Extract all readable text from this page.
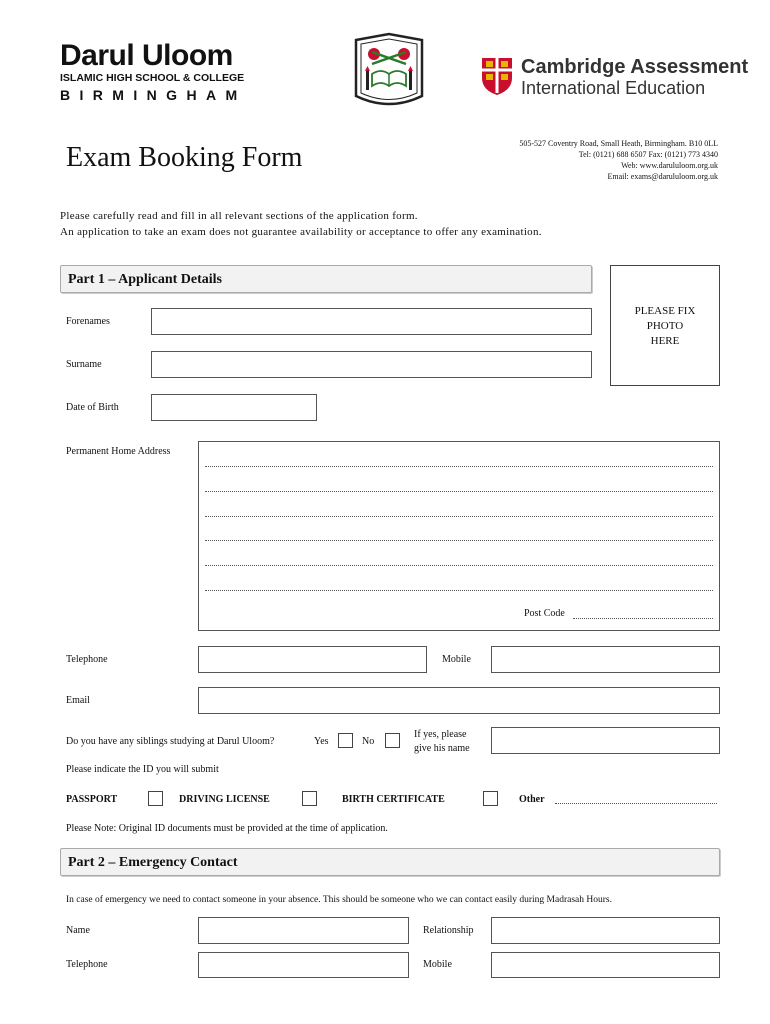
Darul Uloom
ISLAMIC HIGH SCHOOL & COLLEGE
BIRMINGHAM
Cambridge Assessment
International Education
Exam Booking Form	505-527 Coventry Road, Small Heath, Birmingham. B10 0LL
Tel: (0121) 688 6507 Fax: (0121) 773 4340
Web: www.darululoom.org.uk
Email: exams@darululoom.org.uk
Please carefully read and fill in all relevant sections of the application form.
An application to take an exam does not guarantee availability or acceptance to offer any examination.
Part 1 – Applicant Details
PLEASE FIX
PHOTO
HERE
Forenames
Surname
Date of Birth
Permanent Home Address
Post Code
Telephone	Mobile
Email
Do you have any siblings studying at Darul Uloom?	Yes	No
If yes, please
give his name
Please indicate the ID you will submit
PASSPORT	DRIVING LICENSE	BIRTH CERTIFICATE	Other
Please Note: Original ID documents must be provided at the time of application.
Part 2 – Emergency Contact
In case of emergency we need to contact someone in your absence. This should be someone who we can contact easily during Madrasah Hours.
Name	Relationship
Telephone	Mobile
